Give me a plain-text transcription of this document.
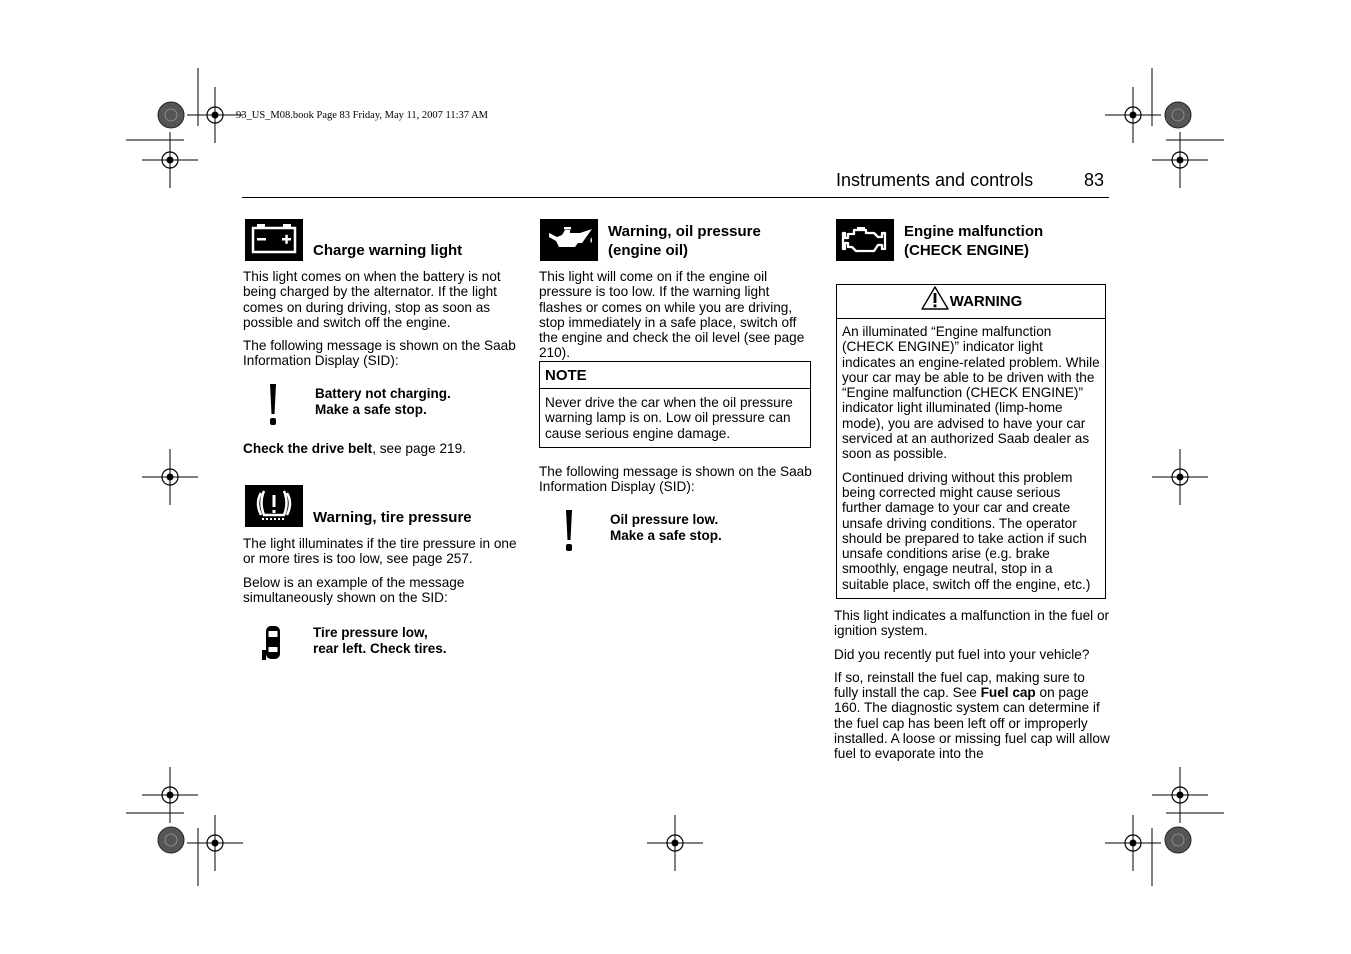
93_US_M08.book Page 83 Friday, May 11, 2007 11:37 AM
Instruments and controls	83
Charge warning light

This light comes on when the battery is not being charged by the alternator. If the light comes on during driving, stop as soon as possible and switch off the engine.

The following message is shown on the Saab Information Display (SID):

Battery not charging.
Make a safe stop.
Check the drive belt, see page 219.
Warning, tire pressure

The light illuminates if the tire pressure in one or more tires is too low, see page 257.

Below is an example of the message simultaneously shown on the SID:

Tire pressure low,
rear left. Check tires.
Warning, oil pressure
(engine oil)
This light will come on if the engine oil pressure is too low. If the warning light flashes or comes on while you are driving, stop immediately in a safe place, switch off the engine and check the oil level (see page 210).
NOTE
Never drive the car when the oil pressure warning lamp is on. Low oil pressure can cause serious engine damage.
The following message is shown on the Saab Information Display (SID):
Oil pressure low.
Make a safe stop.
Engine malfunction
(CHECK ENGINE)
WARNING

An illuminated “Engine malfunction (CHECK ENGINE)” indicator light indicates an engine-related problem. While your car may be able to be driven with the “Engine malfunction (CHECK ENGINE)” indicator light illuminated (limp-home mode), you are advised to have your car serviced at an authorized Saab dealer as soon as possible.

Continued driving without this problem being corrected might cause serious further damage to your car and create unsafe driving conditions. The operator should be prepared to take action if such unsafe conditions arise (e.g. brake smoothly, engage neutral, stop in a suitable place, switch off the engine, etc.)

This light indicates a malfunction in the fuel or ignition system.

Did you recently put fuel into your vehicle?

If so, reinstall the fuel cap, making sure to fully install the cap. See Fuel cap on page 160. The diagnostic system can determine if the fuel cap has been left off or improperly installed. A loose or missing fuel cap will allow fuel to evaporate into the
